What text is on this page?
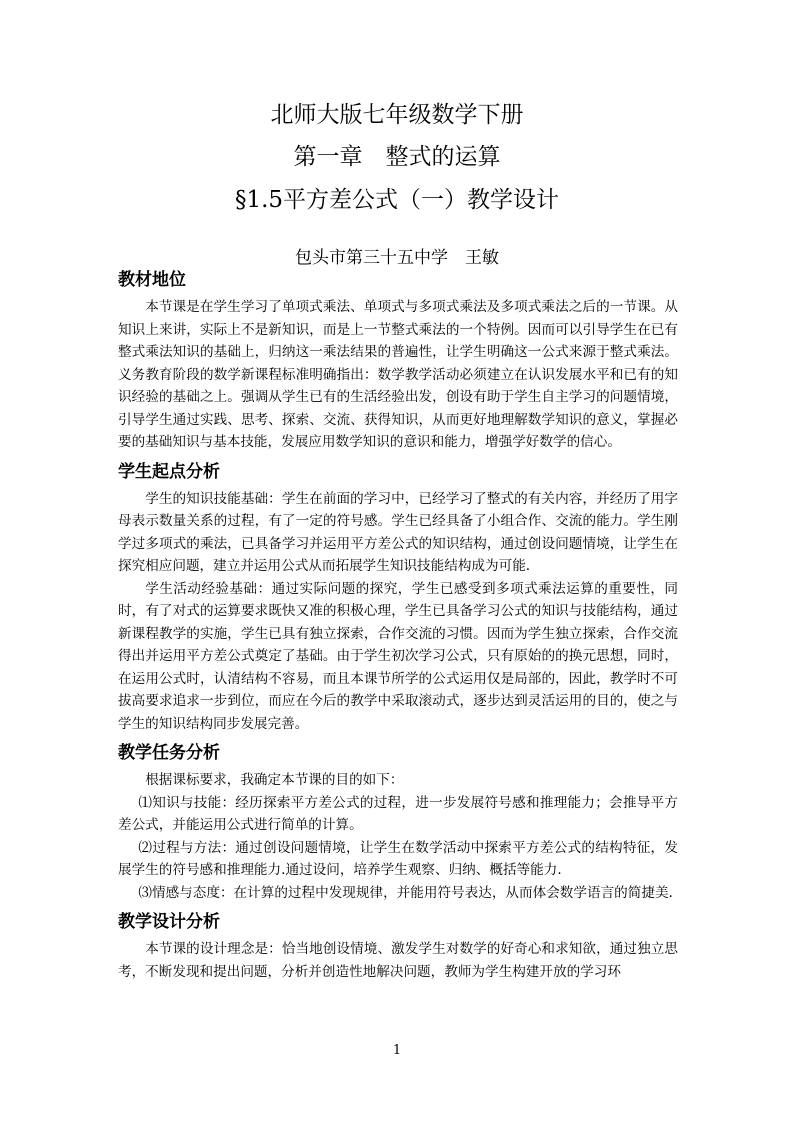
北师大版七年级数学下册

第一章　整式的运算

§1.5平方差公式（一）教学设计

包头市第三十五中学　王敏

教材地位

本节课是在学生学习了单项式乘法、单项式与多项式乘法及多项式乘法之后的一节课。从知识上来讲，实际上不是新知识，而是上一节整式乘法的一个特例。因而可以引导学生在已有整式乘法知识的基础上，归纳这一乘法结果的普遍性，让学生明确这一公式来源于整式乘法。义务教育阶段的数学新课程标准明确指出：数学教学活动必须建立在认识发展水平和已有的知识经验的基础之上。强调从学生已有的生活经验出发，创设有助于学生自主学习的问题情境，引导学生通过实践、思考、探索、交流、获得知识，从而更好地理解数学知识的意义，掌握必要的基础知识与基本技能，发展应用数学知识的意识和能力，增强学好数学的信心。

学生起点分析

学生的知识技能基础：学生在前面的学习中，已经学习了整式的有关内容，并经历了用字母表示数量关系的过程，有了一定的符号感。学生已经具备了小组合作、交流的能力。学生刚学过多项式的乘法，已具备学习并运用平方差公式的知识结构，通过创设问题情境，让学生在探究相应问题，建立并运用公式从而拓展学生知识技能结构成为可能.

学生活动经验基础：通过实际问题的探究，学生已感受到多项式乘法运算的重要性，同时，有了对式的运算要求既快又准的积极心理，学生已具备学习公式的知识与技能结构，通过新课程教学的实施，学生已具有独立探索，合作交流的习惯。因而为学生独立探索，合作交流得出并运用平方差公式奠定了基础。由于学生初次学习公式，只有原始的的换元思想，同时，在运用公式时，认清结构不容易，而且本课节所学的公式运用仅是局部的，因此，教学时不可拔高要求追求一步到位，而应在今后的教学中采取滚动式，逐步达到灵活运用的目的，使之与学生的知识结构同步发展完善。

教学任务分析

根据课标要求，我确定本节课的目的如下：

⑴知识与技能：经历探索平方差公式的过程，进一步发展符号感和推理能力；会推导平方差公式，并能运用公式进行简单的计算。

⑵过程与方法：通过创设问题情境，让学生在数学活动中探索平方差公式的结构特征，发展学生的符号感和推理能力.通过设问，培养学生观察、归纳、概括等能力.

⑶情感与态度：在计算的过程中发现规律，并能用符号表达，从而体会数学语言的简捷美.

教学设计分析

本节课的设计理念是：恰当地创设情境、激发学生对数学的好奇心和求知欲，通过独立思考，不断发现和提出问题，分析并创造性地解决问题，教师为学生构建开放的学习环

1
